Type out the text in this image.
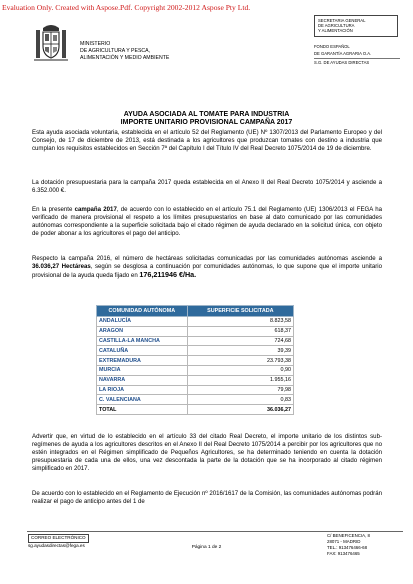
Evaluation Only. Created with Aspose.Pdf. Copyright 2002-2012 Aspose Pty Ltd.
MINISTERIO
DE AGRICULTURA Y PESCA,
ALIMENTACIÓN Y MEDIO AMBIENTE
SECRETARIA GENERAL
DE AGRICULTURA
Y ALIMENTACIÓN
FONDO ESPAÑOL
DE GARANTÍA AGRARIA O.A.
S.G. DE AYUDAS DIRECTAS
AYUDA ASOCIADA AL TOMATE PARA INDUSTRIA
IMPORTE UNITARIO PROVISIONAL CAMPAÑA 2017
Esta ayuda asociada voluntaria, establecida en el artículo 52 del Reglamento (UE) Nº 1307/2013 del Parlamento Europeo y del Consejo, de 17 de diciembre de 2013, está destinada a los agricultores que produzcan tomates con destino a industria que cumplan los requisitos establecidos en Sección 7ª del Capítulo I del Título IV del Real Decreto 1075/2014 de 19 de diciembre.
La dotación presupuestaria para la campaña 2017 queda establecida en el Anexo II del Real Decreto 1075/2014 y asciende a 6.352.000 €.
En la presente campaña 2017, de acuerdo con lo establecido en el artículo 75.1 del Reglamento (UE) 1306/2013 el FEGA ha verificado de manera provisional el respeto a los límites presupuestarios en base al dato comunicado por las comunidades autónomas correspondiente a la superficie solicitada bajo el citado régimen de ayuda declarado en la solicitud única, con objeto de poder abonar a los agricultores el pago del anticipo.
Respecto la campaña 2016, el número de hectáreas solicitadas comunicadas por las comunidades autónomas asciende a 36.036,27 Hectáreas, según se desglosa a continuación por comunidades autónomas, lo que supone que el importe unitario provisional de la ayuda queda fijado en 176,211946 €/Ha.
COMUNIDAD AUTÓNOMA	SUPERFICIE SOLICITADA
ANDALUCÍA	8.823,58
ARAGON	618,37
CASTILLA-LA MANCHA	724,68
CATALUÑA	39,39
EXTREMADURA	23.793,38
MURCIA	0,90
NAVARRA	1.955,16
LA RIOJA	79,98
C. VALENCIANA	0,83
TOTAL	36.036,27
Advertir que, en virtud de lo establecido en el artículo 33 del citado Real Decreto, el importe unitario de los distintos sub-regímenes de ayuda a los agricultores descritos en el Anexo II del Real Decreto 1075/2014 a percibir por los agricultores que no estén integrados en el Régimen simplificado de Pequeños Agricultores, se ha determinado teniendo en cuenta la dotación presupuestaria de cada una de ellos, una vez descontada la parte de la dotación que se ha incorporado al citado régimen simplificado en 2017.
De acuerdo con lo establecido en el Reglamento de Ejecución nº 2016/1617 de la Comisión, las comunidades autónomas podrán realizar el pago de anticipo antes del 1 de
CORREO ELECTRÓNICO
sg.ayudasdirectas@fega.es	Página 1 de 2
C/ BENEFICENCIA, 8
28071 - MADRID
TEL.: 913476466-68
FAX: 913476465
